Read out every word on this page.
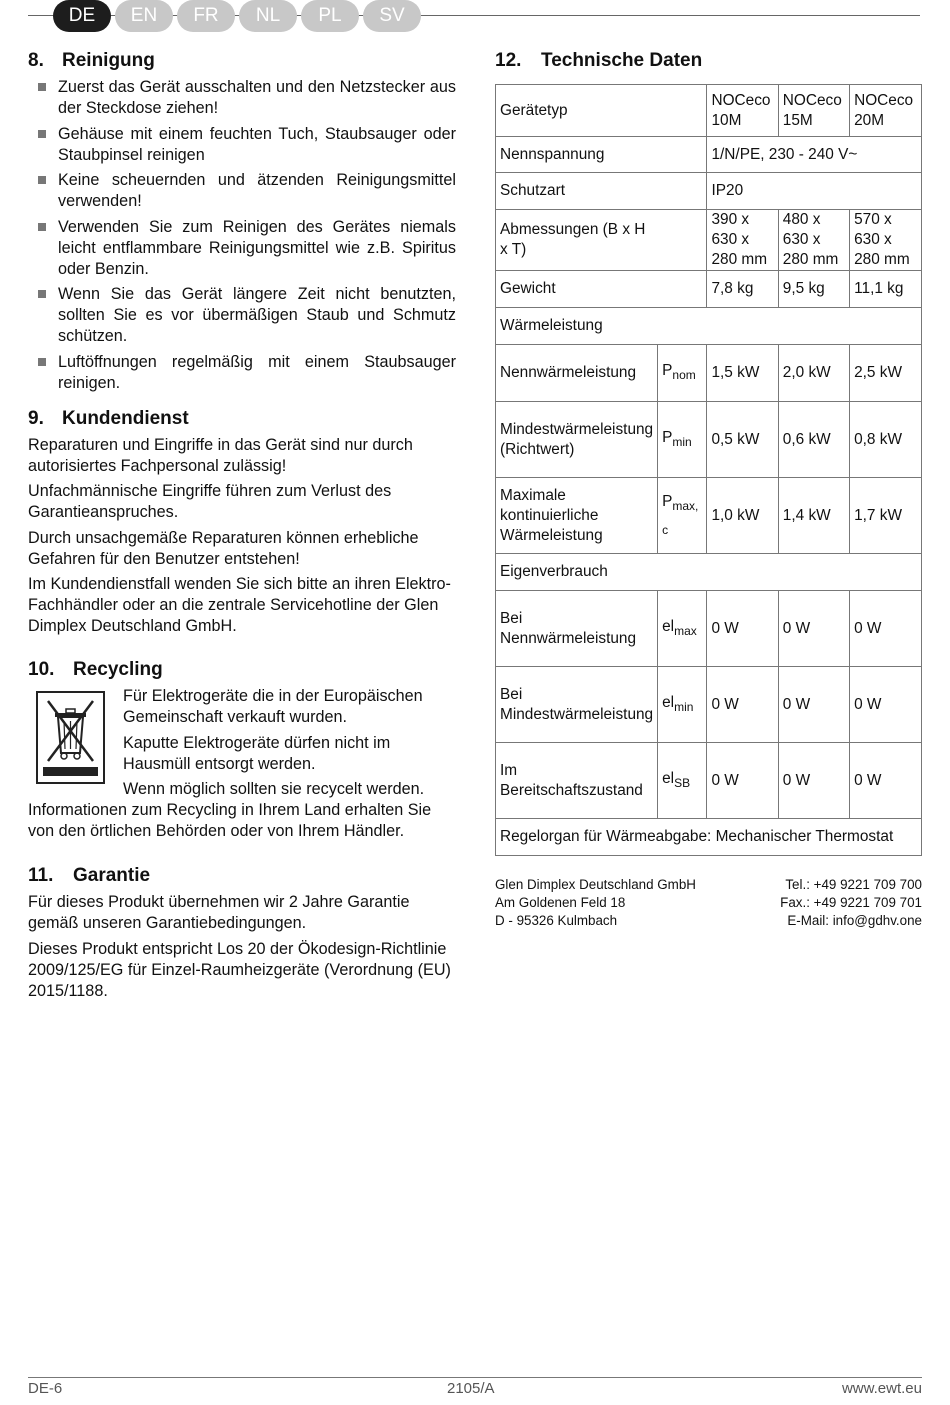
DE	EN	FR	NL	PL	SV
8. Reinigung
Zuerst das Gerät ausschalten und den Netzstecker aus der Steckdose ziehen!
Gehäuse mit einem feuchten Tuch, Staubsauger oder Staubpinsel reinigen
Keine scheuernden und ätzenden Reinigungsmittel verwenden!
Verwenden Sie zum Reinigen des Gerätes niemals leicht entflammbare Reinigungsmittel wie z.B. Spiritus oder Benzin.
Wenn Sie das Gerät längere Zeit nicht benutzten, sollten Sie es vor übermäßigen Staub und Schmutz schützen.
Luftöffnungen regelmäßig mit einem Staubsauger reinigen.
9. Kundendienst

Reparaturen und Eingriffe in das Gerät sind nur durch autorisiertes Fachpersonal zulässig!

Unfachmännische Eingriffe führen zum Verlust des Garantieanspruches.

Durch unsachgemäße Reparaturen können erhebliche Gefahren für den Benutzer entstehen!

Im Kundendienstfall wenden Sie sich bitte an ihren Elektro-Fachhändler oder an die zentrale Servicehotline der Glen Dimplex Deutschland GmbH.

10. Recycling

Für Elektrogeräte die in der Europäischen Gemeinschaft verkauft wurden.

Kaputte Elektrogeräte dürfen nicht im Hausmüll entsorgt werden.

Wenn möglich sollten sie recycelt werden.

Informationen zum Recycling in Ihrem Land erhalten Sie von den örtlichen Behörden oder von Ihrem Händler.

11.	Garantie

Für dieses Produkt übernehmen wir 2 Jahre Garantie gemäß unseren Garantiebedingungen.

Dieses Produkt entspricht Los 20 der Ökodesign-Richtlinie 2009/125/EG für Einzel-Raumheizgeräte (Verordnung (EU) 2015/1188.

12.	Technische Daten
Gerätetyp		NOCeco 10M	NOCeco 15M	NOCeco 20M
Nennspannung		1/N/PE, 230 - 240 V~		
Schutzart		IP20		
Abmessungen (B x H x T)		390 x 630 x 280 mm	480 x 630 x 280 mm	570 x 630 x 280 mm
Gewicht		7,8 kg	9,5 kg	11,1 kg
Wärmeleistung				
Nennwärmeleistung	$P_{nom}$	1,5 kW	2,0 kW	2,5 kW
Mindestwärmeleistung (Richtwert)	$P_{min}$	0,5 kW	0,6 kW	0,8 kW
Maximale kontinuierliche Wärmeleistung	$P_{max, c}$	1,0 kW	1,4 kW	1,7 kW
Eigenverbrauch				
Bei Nennwärmeleistung	$el_{max}$	0 W	0 W	0 W
Bei Mindestwärmeleistung	$el_{min}$	0 W	0 W	0 W
Im Bereitschaftszustand	$el_{SB}$	0 W	0 W	0 W
Regelorgan für Wärmeabgabe: Mechanischer Thermostat				
Glen Dimplex Deutschland GmbH
Am Goldenen Feld 18
D - 95326 Kulmbach
Tel.: +49 9221 709 700
Fax.: +49 9221 709 701
E-Mail: info@gdhv.one
DE-6	2105/A	www.ewt.eu
